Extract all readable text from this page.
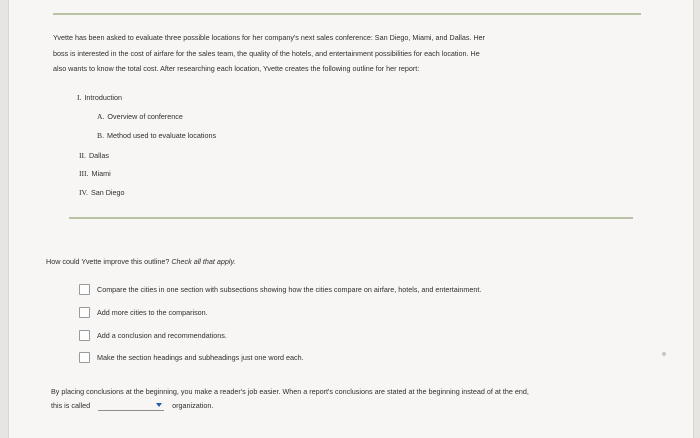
Yvette has been asked to evaluate three possible locations for her company's next sales conference: San Diego, Miami, and Dallas. Her
boss is interested in the cost of airfare for the sales team, the quality of the hotels, and entertainment possibilities for each location. He
also wants to know the total cost. After researching each location, Yvette creates the following outline for her report:
I. Introduction
A. Overview of conference
B. Method used to evaluate locations
II. Dallas
III. Miami
IV. San Diego
How could Yvette improve this outline? Check all that apply.
Compare the cities in one section with subsections showing how the cities compare on airfare, hotels, and entertainment.
Add more cities to the comparison.
Add a conclusion and recommendations.
Make the section headings and subheadings just one word each.
By placing conclusions at the beginning, you make a reader's job easier. When a report's conclusions are stated at the beginning instead of at the end,
this is called	organization.
